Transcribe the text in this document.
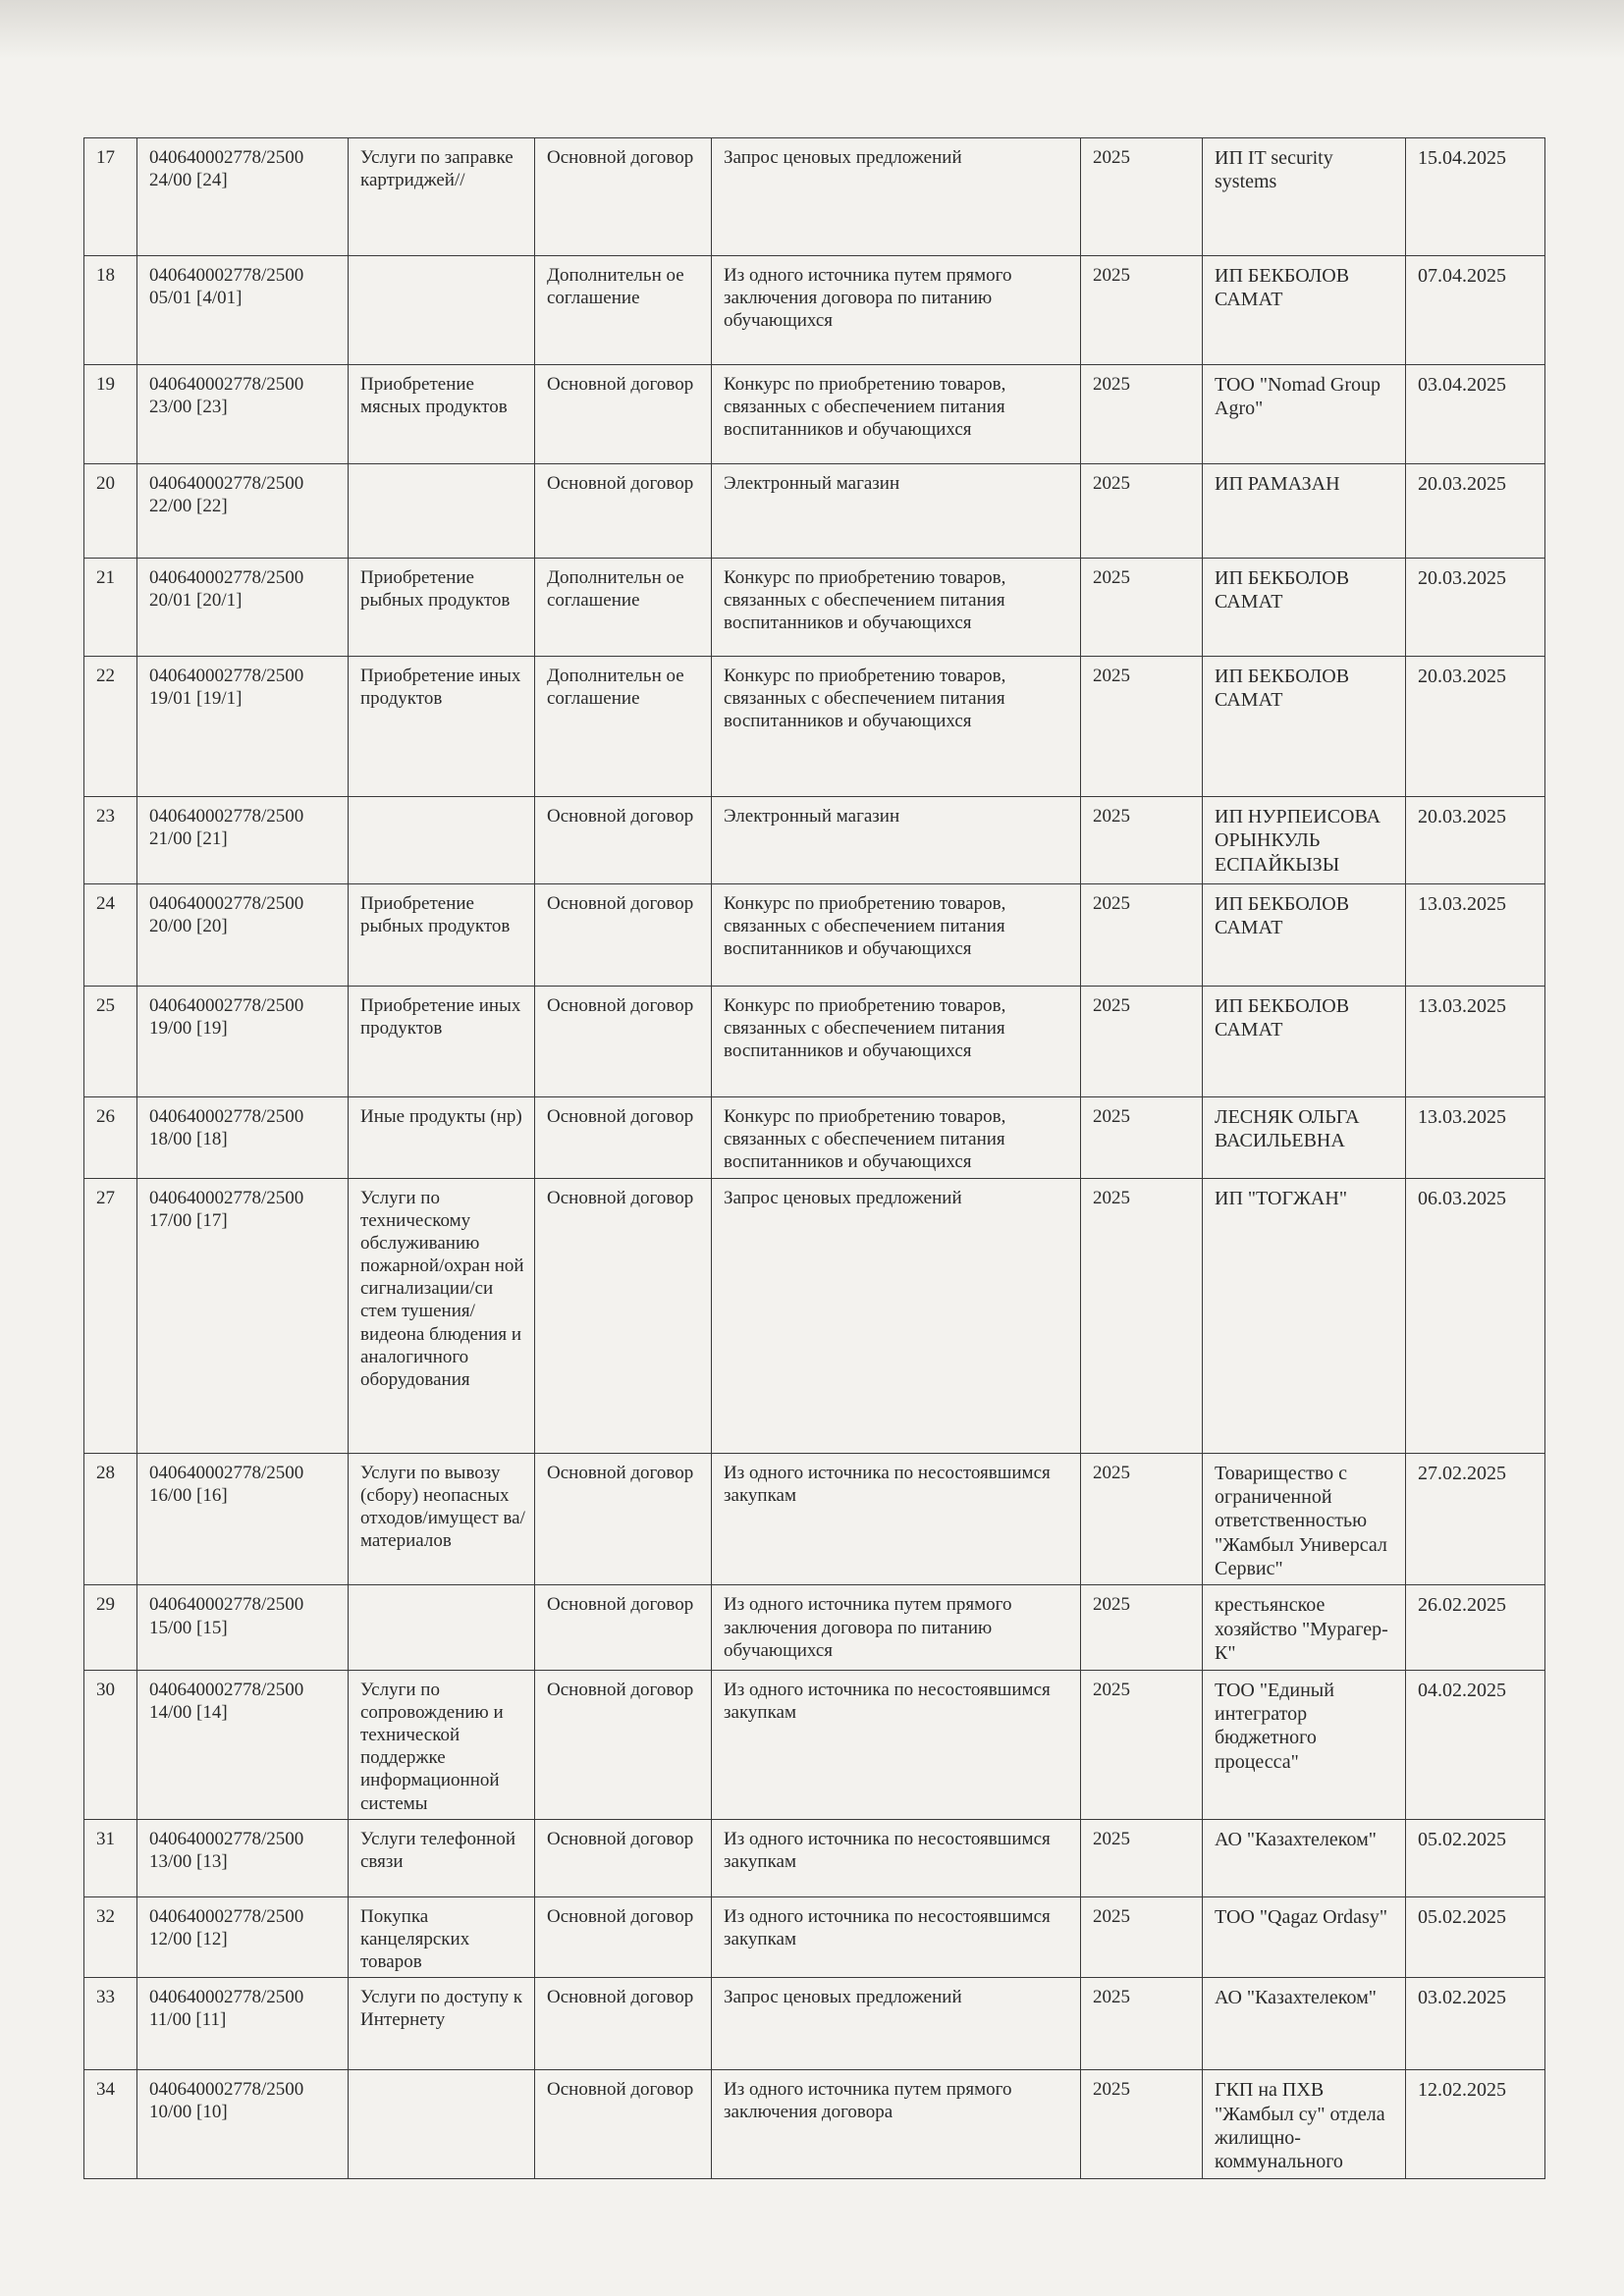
17	040640002778/2500 24/00 [24]	Услуги по заправке картриджей//	Основной договор	Запрос ценовых предложений	2025	ИП IT security systems	15.04.2025
18	040640002778/2500 05/01 [4/01]		Дополнительн ое соглашение	Из одного источника путем прямого заключения договора по питанию обучающихся	2025	ИП БЕКБОЛОВ САМАТ	07.04.2025
19	040640002778/2500 23/00 [23]	Приобретение мясных продуктов	Основной договор	Конкурс по приобретению товаров, связанных с обеспечением питания воспитанников и обучающихся	2025	ТОО "Nomad Group Agro"	03.04.2025
20	040640002778/2500 22/00 [22]		Основной договор	Электронный магазин	2025	ИП РАМАЗАН	20.03.2025
21	040640002778/2500 20/01 [20/1]	Приобретение рыбных продуктов	Дополнительн ое соглашение	Конкурс по приобретению товаров, связанных с обеспечением питания воспитанников и обучающихся	2025	ИП БЕКБОЛОВ САМАТ	20.03.2025
22	040640002778/2500 19/01 [19/1]	Приобретение иных продуктов	Дополнительн ое соглашение	Конкурс по приобретению товаров, связанных с обеспечением питания воспитанников и обучающихся	2025	ИП БЕКБОЛОВ САМАТ	20.03.2025
23	040640002778/2500 21/00 [21]		Основной договор	Электронный магазин	2025	ИП НУРПЕИСОВА ОРЫНКУЛЬ ЕСПАЙКЫЗЫ	20.03.2025
24	040640002778/2500 20/00 [20]	Приобретение рыбных продуктов	Основной договор	Конкурс по приобретению товаров, связанных с обеспечением питания воспитанников и обучающихся	2025	ИП БЕКБОЛОВ САМАТ	13.03.2025
25	040640002778/2500 19/00 [19]	Приобретение иных продуктов	Основной договор	Конкурс по приобретению товаров, связанных с обеспечением питания воспитанников и обучающихся	2025	ИП БЕКБОЛОВ САМАТ	13.03.2025
26	040640002778/2500 18/00 [18]	Иные продукты (нр)	Основной договор	Конкурс по приобретению товаров, связанных с обеспечением питания воспитанников и обучающихся	2025	ЛЕСНЯК ОЛЬГА ВАСИЛЬЕВНА	13.03.2025
27	040640002778/2500 17/00 [17]	Услуги по техническому обслуживанию пожарной/охран ной сигнализации/си стем тушения/видеона блюдения и аналогичного оборудования	Основной договор	Запрос ценовых предложений	2025	ИП "ТОГЖАН"	06.03.2025
28	040640002778/2500 16/00 [16]	Услуги по вывозу (сбору) неопасных отходов/имущест ва/материалов	Основной договор	Из одного источника по несостоявшимся закупкам	2025	Товарищество с ограниченной ответственностью "Жамбыл Универсал Сервис"	27.02.2025
29	040640002778/2500 15/00 [15]		Основной договор	Из одного источника путем прямого заключения договора по питанию обучающихся	2025	крестьянское хозяйство "Мурагер-К"	26.02.2025
30	040640002778/2500 14/00 [14]	Услуги по сопровождению и технической поддержке информационной системы	Основной договор	Из одного источника по несостоявшимся закупкам	2025	ТОО "Единый интегратор бюджетного процесса"	04.02.2025
31	040640002778/2500 13/00 [13]	Услуги телефонной связи	Основной договор	Из одного источника по несостоявшимся закупкам	2025	АО "Казахтелеком"	05.02.2025
32	040640002778/2500 12/00 [12]	Покупка канцелярских товаров	Основной договор	Из одного источника по несостоявшимся закупкам	2025	ТОО "Qagaz Ordasy"	05.02.2025
33	040640002778/2500 11/00 [11]	Услуги по доступу к Интернету	Основной договор	Запрос ценовых предложений	2025	АО "Казахтелеком"	03.02.2025
34	040640002778/2500 10/00 [10]		Основной договор	Из одного источника путем прямого заключения договора	2025	ГКП на ПХВ "Жамбыл су" отдела жилищно-коммунального	12.02.2025
